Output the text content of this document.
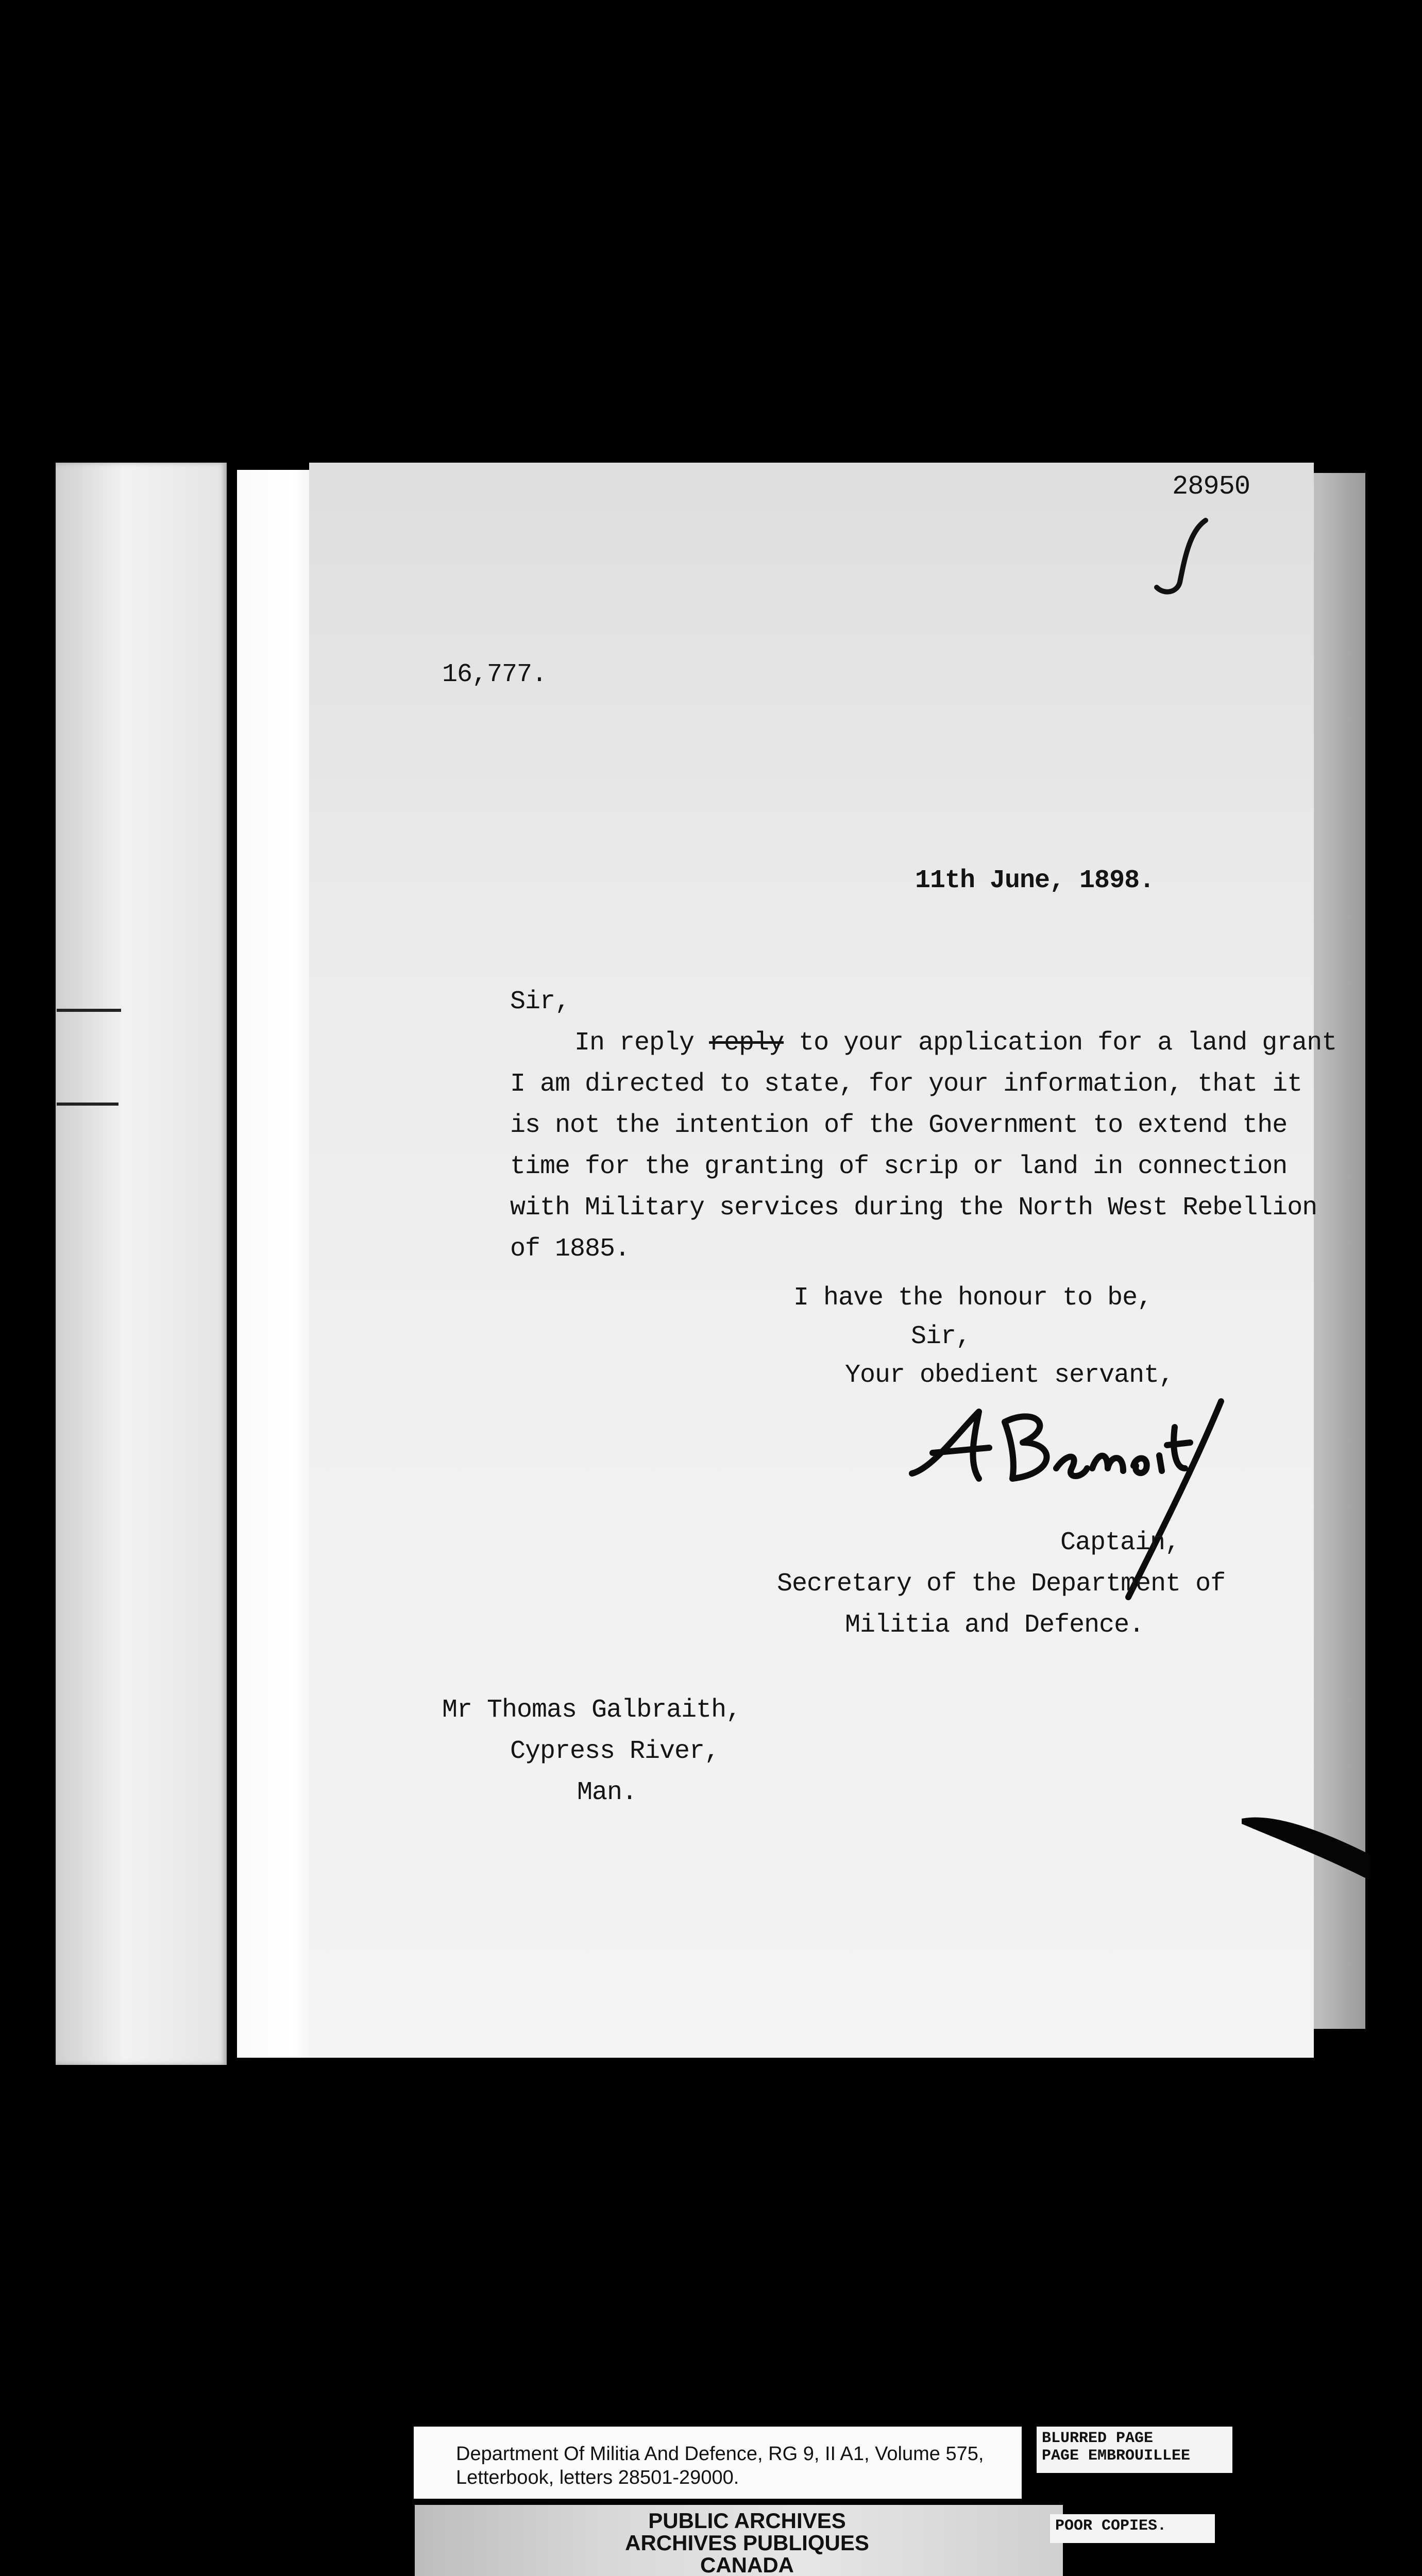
28950
16,777.
11th June, 1898.
Sir,
In reply reply to your application for a land grant
I am directed to state, for your information, that it
is not the intention of the Government to extend the
time for the granting of scrip or land in connection
with Military services during the North West Rebellion
of 1885.
I have the honour to be,
Sir,
Your obedient servant,
Captain,
Secretary of the Department of
Militia and Defence.
Mr Thomas Galbraith,
Cypress River,
Man.
Department Of Militia And Defence, RG 9, II A1, Volume 575,
Letterbook, letters 28501-29000.
BLURRED PAGE
PAGE EMBROUILLEE
PUBLIC ARCHIVES
ARCHIVES PUBLIQUES
CANADA
POOR COPIES.
